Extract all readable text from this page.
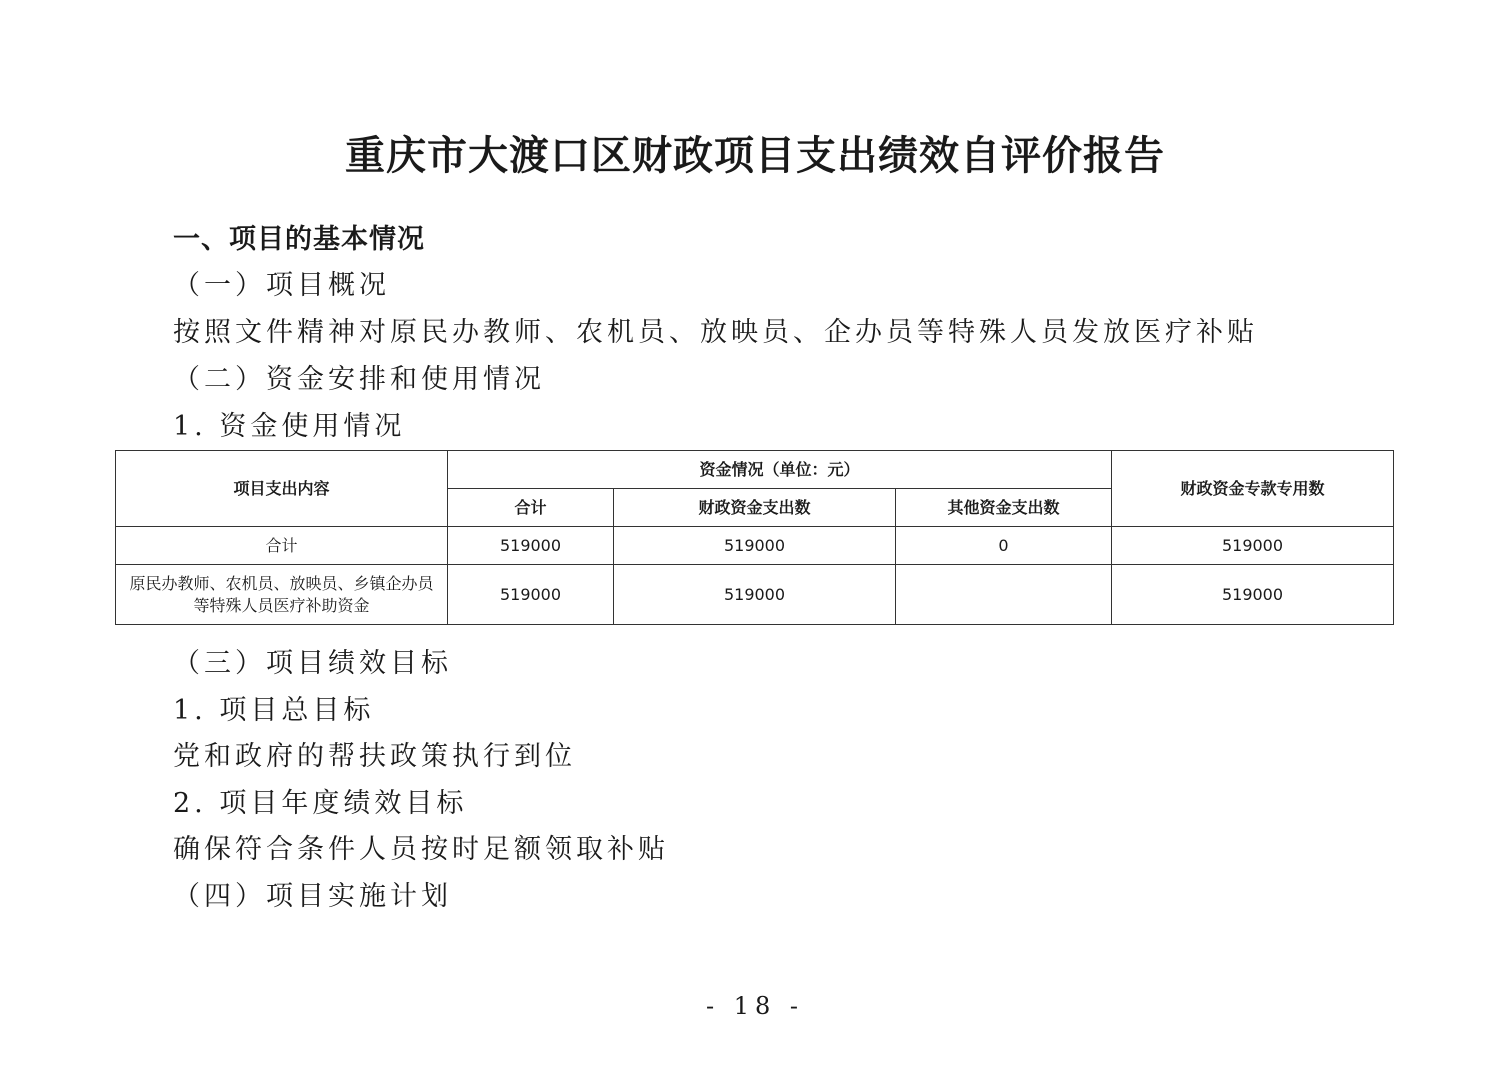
重庆市大渡口区财政项目支出绩效自评价报告
一、项目的基本情况
（一）项目概况
按照文件精神对原民办教师、农机员、放映员、企办员等特殊人员发放医疗补贴
（二）资金安排和使用情况
1. 资金使用情况
项目支出内容	资金情况（单位：元）			财政资金专款专用数
	合计	财政资金支出数	其他资金支出数	
合计	519000	519000	0	519000
原民办教师、农机员、放映员、乡镇企办员等特殊人员医疗补助资金	519000	519000		519000
（三）项目绩效目标
1. 项目总目标
党和政府的帮扶政策执行到位
2. 项目年度绩效目标
确保符合条件人员按时足额领取补贴
（四）项目实施计划
- 18 -
